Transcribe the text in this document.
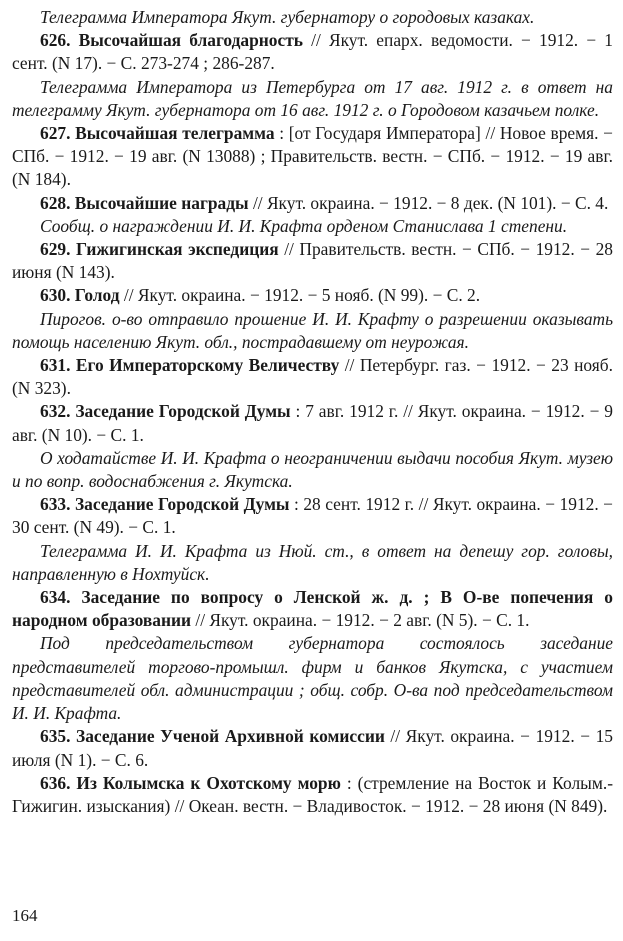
Телеграмма Императора Якут. губернатору о городовых казаках.

626. Высочайшая благодарность // Якут. епарх. ведомости. − 1912. − 1 сент. (N 17). − С. 273-274 ; 286-287.

Телеграмма Императора из Петербурга от 17 авг. 1912 г. в ответ на телеграмму Якут. губернатора от 16 авг. 1912 г. о Городовом казачьем полке.

627. Высочайшая телеграмма : [от Государя Императора] // Новое время. − СПб. − 1912. − 19 авг. (N 13088) ; Правительств. вестн. − СПб. − 1912. − 19 авг. (N 184).

628. Высочайшие награды // Якут. окраина. − 1912. − 8 дек. (N 101). − С. 4.

Сообщ. о награждении И. И. Крафта орденом Станислава 1 степени.

629. Гижигинская экспедиция // Правительств. вестн. − СПб. − 1912. − 28 июня (N 143).

630. Голод // Якут. окраина. − 1912. − 5 нояб. (N 99). − С. 2.

Пирогов. о-во отправило прошение И. И. Крафту о разрешении оказывать помощь населению Якут. обл., пострадавшему от неурожая.

631. Его Императорскому Величеству // Петербург. газ. − 1912. − 23 нояб. (N 323).

632. Заседание Городской Думы : 7 авг. 1912 г. // Якут. окраина. − 1912. − 9 авг. (N 10). − С. 1.

О ходатайстве И. И. Крафта о неограничении выдачи пособия Якут. музею и по вопр. водоснабжения г. Якутска.

633. Заседание Городской Думы : 28 сент. 1912 г. // Якут. окраина. − 1912. − 30 сент. (N 49). − С. 1.

Телеграмма И. И. Крафта из Нюй. ст., в ответ на депешу гор. головы, направленную в Нохтуйск.

634. Заседание по вопросу о Ленской ж. д. ; В О-ве попечения о народном образовании // Якут. окраина. − 1912. − 2 авг. (N 5). − С. 1.

Под председательством губернатора состоялось заседание представителей торгово-промышл. фирм и банков Якутска, с участием представителей обл. администрации ; общ. собр. О-ва под председательством И. И. Крафта.

635. Заседание Ученой Архивной комиссии // Якут. окраина. − 1912. − 15 июля (N 1). − С. 6.

636. Из Колымска к Охотскому морю : (стремление на Восток и Колым.- Гижигин. изыскания) // Океан. вестн. − Владивосток. − 1912. − 28 июня (N 849).

164
